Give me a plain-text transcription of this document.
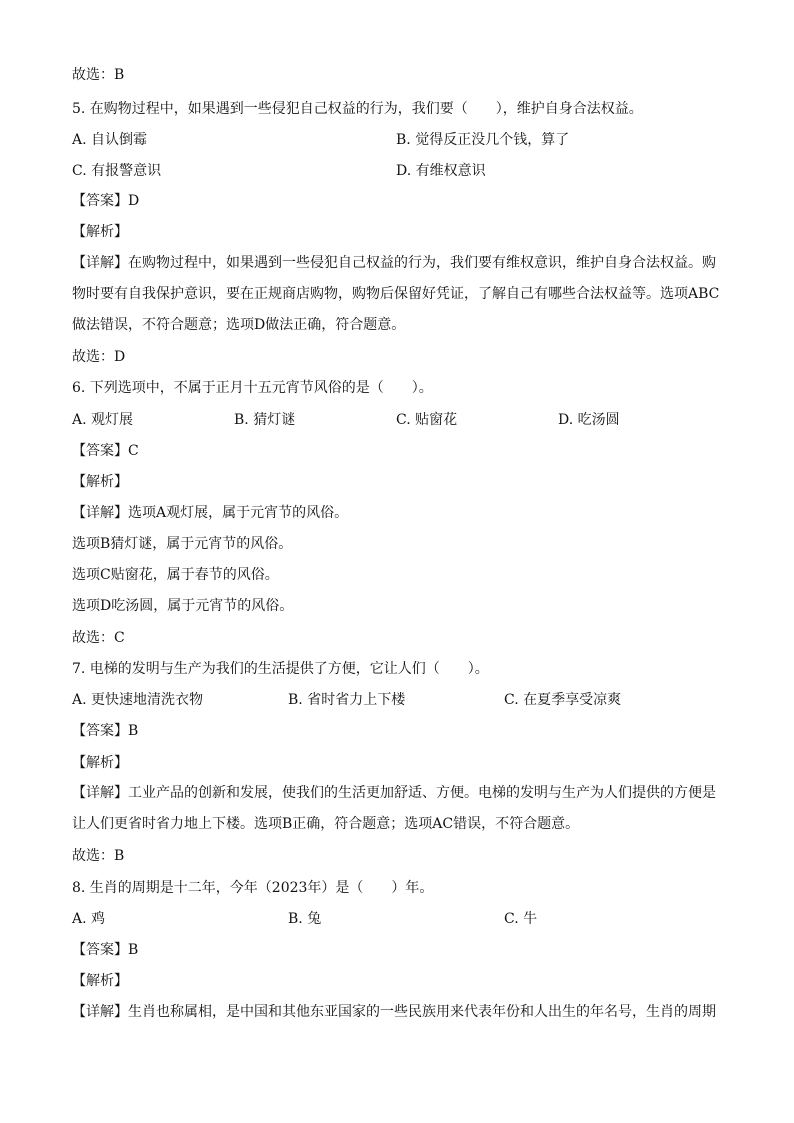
故选：B
5. 在购物过程中，如果遇到一些侵犯自己权益的行为，我们要（　　），维护自身合法权益。
A. 自认倒霉	B. 觉得反正没几个钱，算了
C. 有报警意识	D. 有维权意识
【答案】D
【解析】
【详解】在购物过程中，如果遇到一些侵犯自己权益的行为，我们要有维权意识，维护自身合法权益。购物时要有自我保护意识，要在正规商店购物，购物后保留好凭证，了解自己有哪些合法权益等。选项ABC做法错误，不符合题意；选项D做法正确，符合题意。
故选：D
6. 下列选项中，不属于正月十五元宵节风俗的是（　　）。
A. 观灯展	B. 猜灯谜	C. 贴窗花	D. 吃汤圆
【答案】C
【解析】
【详解】选项A观灯展，属于元宵节的风俗。
选项B猜灯谜，属于元宵节的风俗。
选项C贴窗花，属于春节的风俗。
选项D吃汤圆，属于元宵节的风俗。
故选：C
7. 电梯的发明与生产为我们的生活提供了方便，它让人们（　　）。
A. 更快速地清洗衣物	B. 省时省力上下楼	C. 在夏季享受凉爽
【答案】B
【解析】
【详解】工业产品的创新和发展，使我们的生活更加舒适、方便。电梯的发明与生产为人们提供的方便是让人们更省时省力地上下楼。选项B正确，符合题意；选项AC错误，不符合题意。
故选：B
8. 生肖的周期是十二年，今年（2023年）是（　　）年。
A. 鸡	B. 兔	C. 牛
【答案】B
【解析】
【详解】生肖也称属相，是中国和其他东亚国家的一些民族用来代表年份和人出生的年名号，生肖的周期
